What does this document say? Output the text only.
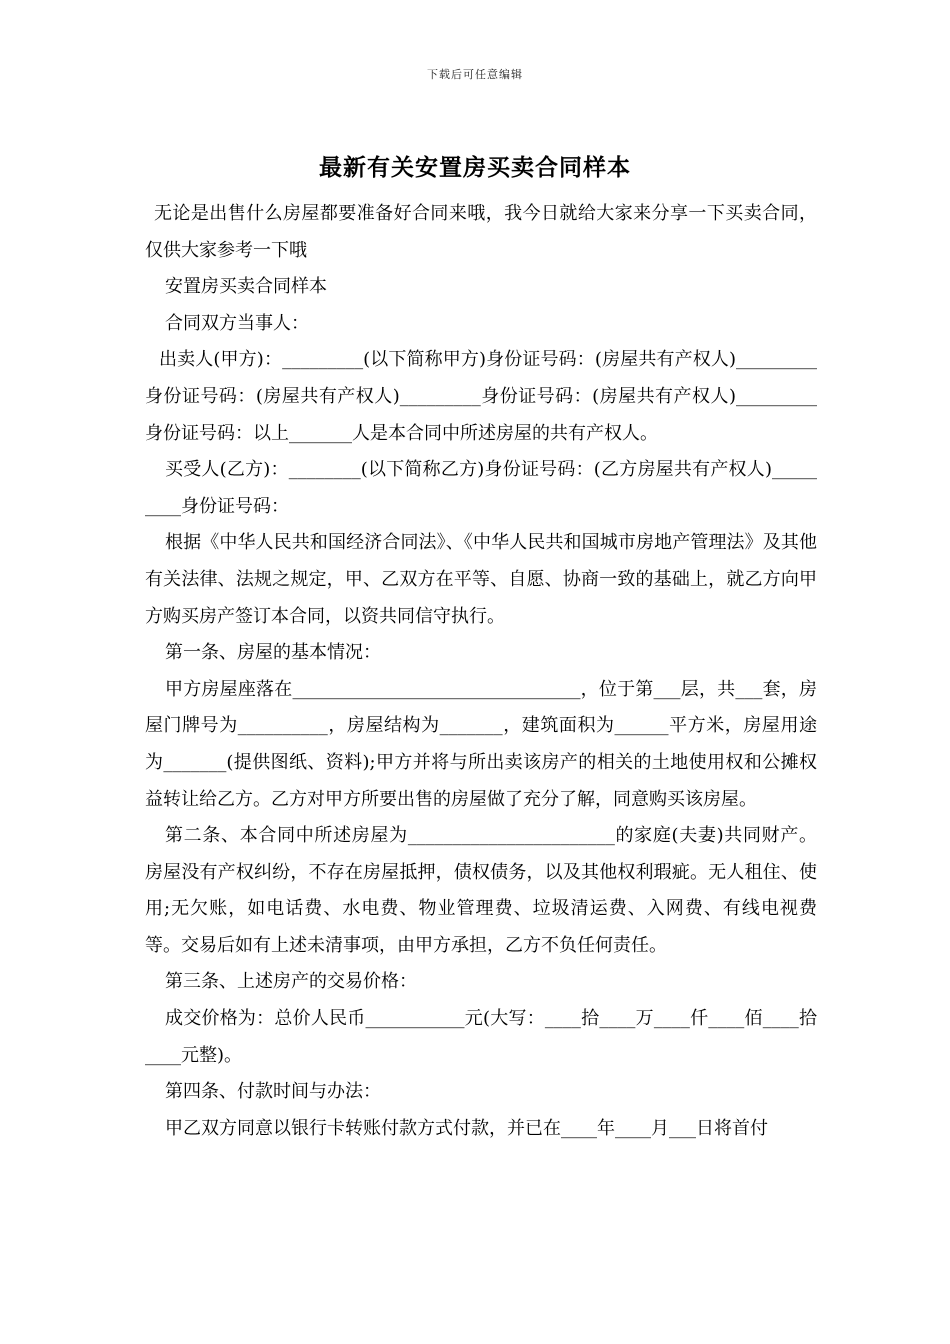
下载后可任意编辑
最新有关安置房买卖合同样本

无论是出售什么房屋都要准备好合同来哦，我今日就给大家来分享一下买卖合同，仅供大家参考一下哦

安置房买卖合同样本

合同双方当事人：

出卖人(甲方)：_________(以下简称甲方)身份证号码：(房屋共有产权人)_________身份证号码：(房屋共有产权人)_________身份证号码：(房屋共有产权人)_________身份证号码：以上_______人是本合同中所述房屋的共有产权人。

买受人(乙方)：________(以下简称乙方)身份证号码：(乙方房屋共有产权人)_________身份证号码：

根据《中华人民共和国经济合同法》、《中华人民共和国城市房地产管理法》及其他有关法律、法规之规定，甲、乙双方在平等、自愿、协商一致的基础上，就乙方向甲方购买房产签订本合同，以资共同信守执行。

第一条、房屋的基本情况：

甲方房屋座落在________________________________，位于第___层，共___套，房屋门牌号为__________，房屋结构为_______，建筑面积为______平方米，房屋用途为_______(提供图纸、资料);甲方并将与所出卖该房产的相关的土地使用权和公摊权益转让给乙方。乙方对甲方所要出售的房屋做了充分了解，同意购买该房屋。

第二条、本合同中所述房屋为_______________________的家庭(夫妻)共同财产。房屋没有产权纠纷，不存在房屋抵押，债权债务，以及其他权利瑕疵。无人租住、使用;无欠账，如电话费、水电费、物业管理费、垃圾清运费、入网费、有线电视费等。交易后如有上述未清事项，由甲方承担，乙方不负任何责任。

第三条、上述房产的交易价格：

成交价格为：总价人民币___________元(大写：____拾____万____仟____佰____拾____元整)。

第四条、付款时间与办法：

甲乙双方同意以银行卡转账付款方式付款，并已在____年____月___日将首付
